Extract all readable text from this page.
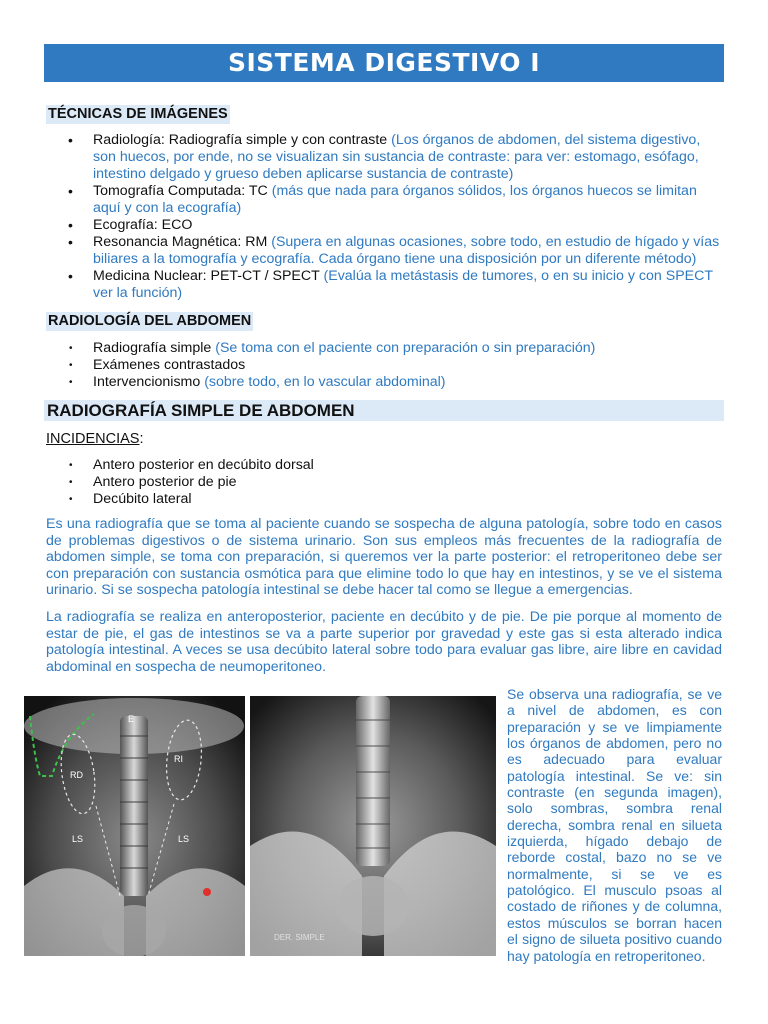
SISTEMA DIGESTIVO I
TÉCNICAS DE IMÁGENES
• Radiología: Radiografía simple y con contraste (Los órganos de abdomen, del sistema digestivo, son huecos, por ende, no se visualizan sin sustancia de contraste: para ver: estomago, esófago, intestino delgado y grueso deben aplicarse sustancia de contraste)
• Tomografía Computada: TC (más que nada para órganos sólidos, los órganos huecos se limitan aquí y con la ecografía)
• Ecografía: ECO
• Resonancia Magnética: RM (Supera en algunas ocasiones, sobre todo, en estudio de hígado y vías biliares a la tomografía y ecografía. Cada órgano tiene una disposición por un diferente método)
• Medicina Nuclear: PET-CT / SPECT (Evalúa la metástasis de tumores, o en su inicio y con SPECT ver la función)
RADIOLOGÍA DEL ABDOMEN
• Radiografía simple (Se toma con el paciente con preparación o sin preparación)
• Exámenes contrastados
• Intervencionismo (sobre todo, en lo vascular abdominal)
RADIOGRAFÍA SIMPLE DE ABDOMEN
INCIDENCIAS:
• Antero posterior en decúbito dorsal
• Antero posterior de pie
• Decúbito lateral

Es una radiografía que se toma al paciente cuando se sospecha de alguna patología, sobre todo en casos de problemas digestivos o de sistema urinario. Son sus empleos más frecuentes de la radiografía de abdomen simple, se toma con preparación, si queremos ver la parte posterior: el retroperitoneo debe ser con preparación con sustancia osmótica para que elimine todo lo que hay en intestinos, y se ve el sistema urinario. Si se sospecha patología intestinal se debe hacer tal como se llegue a emergencias.

La radiografía se realiza en anteroposterior, paciente en decúbito y de pie. De pie porque al momento de estar de pie, el gas de intestinos se va a parte superior por gravedad y este gas si esta alterado indica patología intestinal. A veces se usa decúbito lateral sobre todo para evaluar gas libre, aire libre en cavidad abdominal en sospecha de neumoperitoneo.

E
RD
RI
LS	LS
DER. SIMPLE

Se observa una radiografía, se ve a nivel de abdomen, es con preparación y se ve limpiamente los órganos de abdomen, pero no es adecuado para evaluar patología intestinal. Se ve: sin contraste (en segunda imagen), solo sombras, sombra renal derecha, sombra renal en silueta izquierda, hígado debajo de reborde costal, bazo no se ve normalmente, si se ve es patológico. El musculo psoas al costado de riñones y de columna, estos músculos se borran hacen el signo de silueta positivo cuando hay patología en retroperitoneo.
